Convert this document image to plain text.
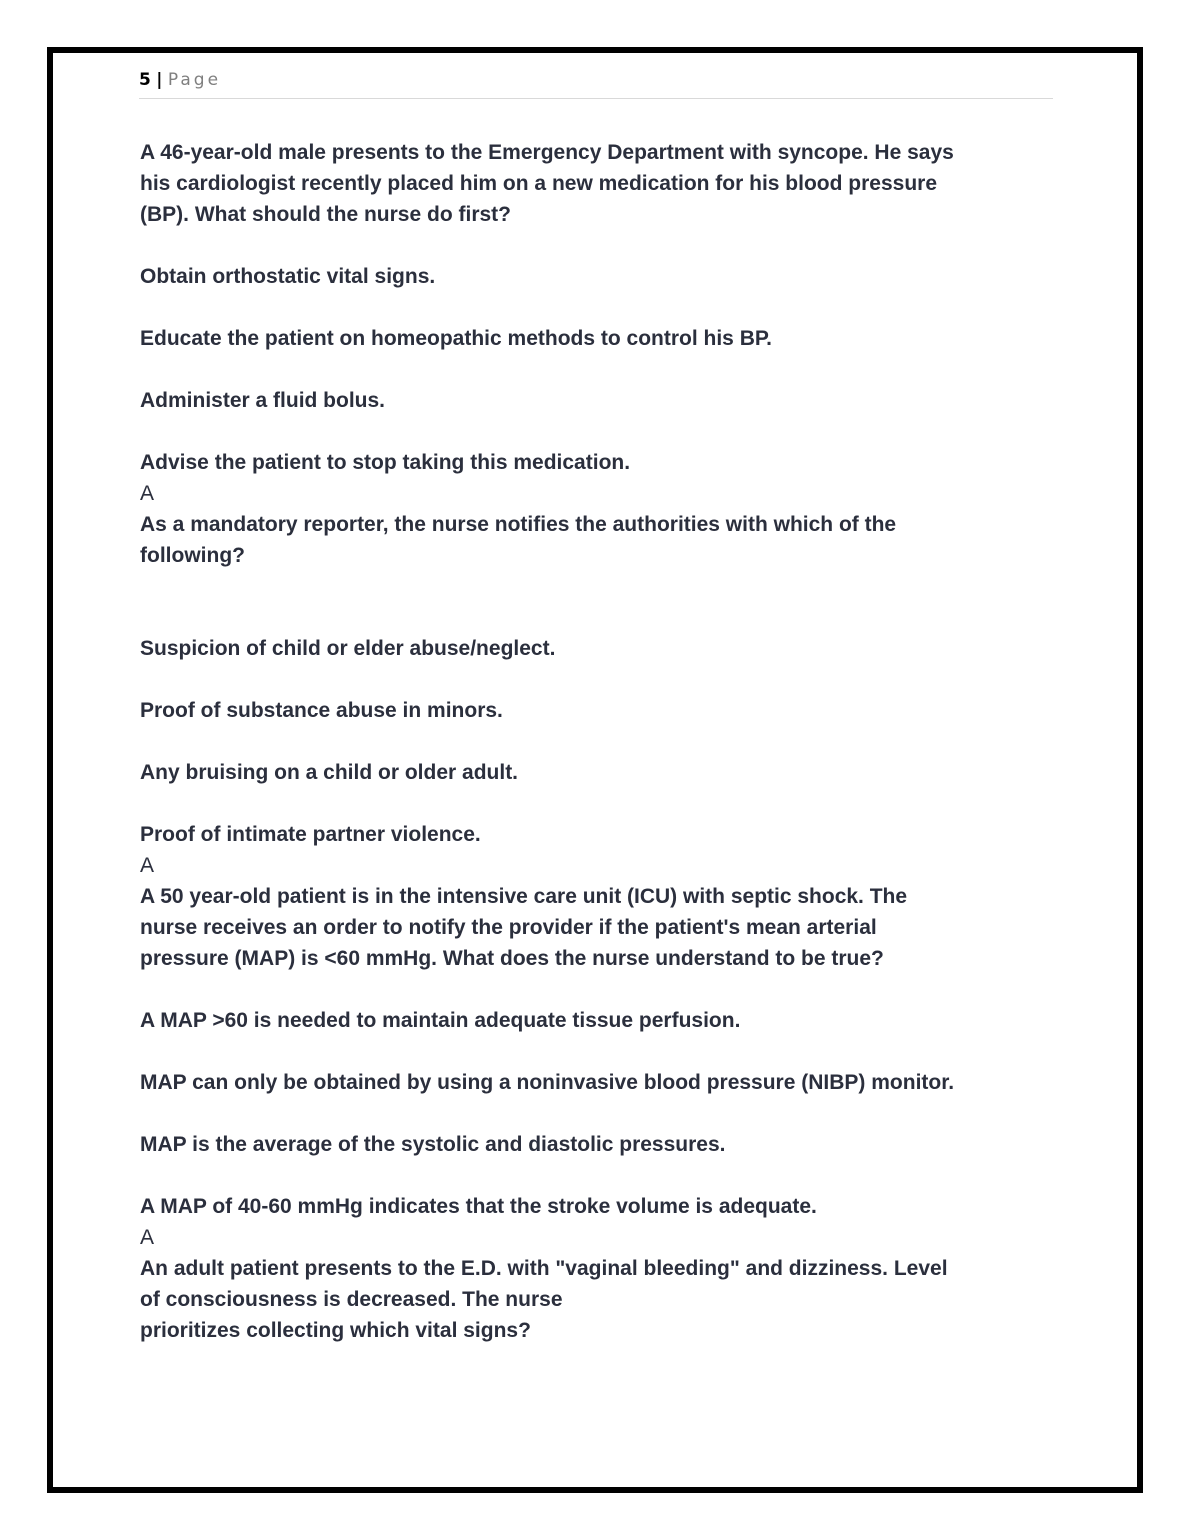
5 | Page
A 46-year-old male presents to the Emergency Department with syncope. He says
his cardiologist recently placed him on a new medication for his blood pressure
(BP). What should the nurse do first?
Obtain orthostatic vital signs.
Educate the patient on homeopathic methods to control his BP.
Administer a fluid bolus.
Advise the patient to stop taking this medication.
A
As a mandatory reporter, the nurse notifies the authorities with which of the
following?
Suspicion of child or elder abuse/neglect.
Proof of substance abuse in minors.
Any bruising on a child or older adult.
Proof of intimate partner violence.
A
A 50 year-old patient is in the intensive care unit (ICU) with septic shock. The
nurse receives an order to notify the provider if the patient's mean arterial
pressure (MAP) is <60 mmHg. What does the nurse understand to be true?
A MAP >60 is needed to maintain adequate tissue perfusion.
MAP can only be obtained by using a noninvasive blood pressure (NIBP) monitor.
MAP is the average of the systolic and diastolic pressures.
A MAP of 40-60 mmHg indicates that the stroke volume is adequate.
A
An adult patient presents to the E.D. with "vaginal bleeding" and dizziness. Level
of consciousness is decreased. The nurse
prioritizes collecting which vital signs?
